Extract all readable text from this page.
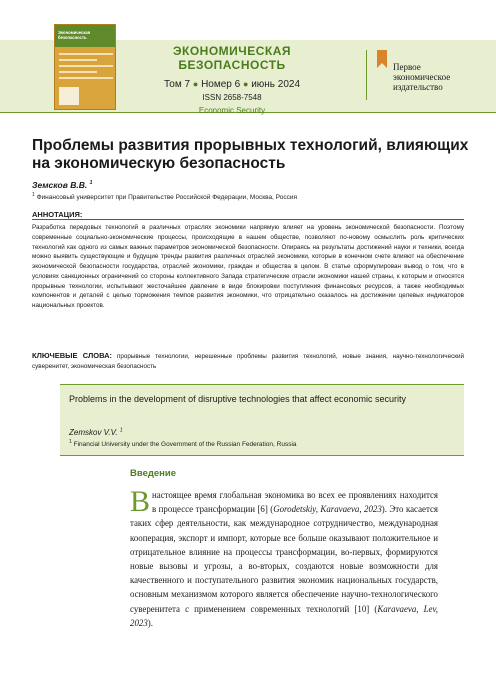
Экономическая безопасность
ЭКОНОМИЧЕСКАЯ БЕЗОПАСНОСТЬ
Том 7 ● Номер 6 ● июнь 2024
ISSN 2658-7548
Economic Security
Первое
экономическое
издательство
Проблемы развития прорывных технологий, влияющих на экономическую безопасность
Земсков В.В. $^1$
$^1$ Финансовый университет при Правительстве Российской Федерации, Москва, Россия
АННОТАЦИЯ:

Разработка передовых технологий в различных отраслях экономики напрямую влияет на уровень экономической безопасности. Поэтому современные социально-экономические процессы, происходящие в нашем обществе, позволяют по-новому осмыслить роль критических технологий как одного из самых важных параметров экономической безопасности. Опираясь на результаты достижений науки и техники, всегда можно выявить существующие и будущие тренды развития различных отраслей экономики, которые в конечном счете влияют на обеспечение экономической безопасности государства, отраслей экономики, граждан и общества в целом. В статье сформулирован вывод о том, что в условиях санкционных ограничений со стороны коллективного Запада стратегические отрасли экономики нашей страны, к которым и относятся прорывные технологии, испытывают жесточайшее давление в виде блокировки поступления финансовых ресурсов, а также необходимых компонентов и деталей с целью торможения темпов развития экономики, что отрицательно сказалось на достижении целевых индикаторов национальных проектов.

КЛЮЧЕВЫЕ СЛОВА: прорывные технологии, нерешенные проблемы развития технологий, новые знания, научно-технологический суверенитет, экономическая безопасность

Problems in the development of disruptive technologies that affect economic security
Zemskov V.V. $^1$
$^1$ Financial University under the Government of the Russian Federation, Russia
Введение

В настоящее время глобальная экономика во всех ее проявлениях находится в процессе трансформации [6] (Gorodetskiy, Karavaeva, 2023). Это касается таких сфер деятельности, как международное сотрудничество, международная кооперация, экспорт и импорт, которые все больше оказывают положительное и отрицательное влияние на процессы трансформации, во-первых, формируются новые вызовы и угрозы, а во-вторых, создаются новые возможности для качественного и поступательного развития экономик национальных государств, основным механизмом которого является обеспечение научно-технологического суверенитета с применением современных технологий [10] (Karavaeva, Lev, 2023).
